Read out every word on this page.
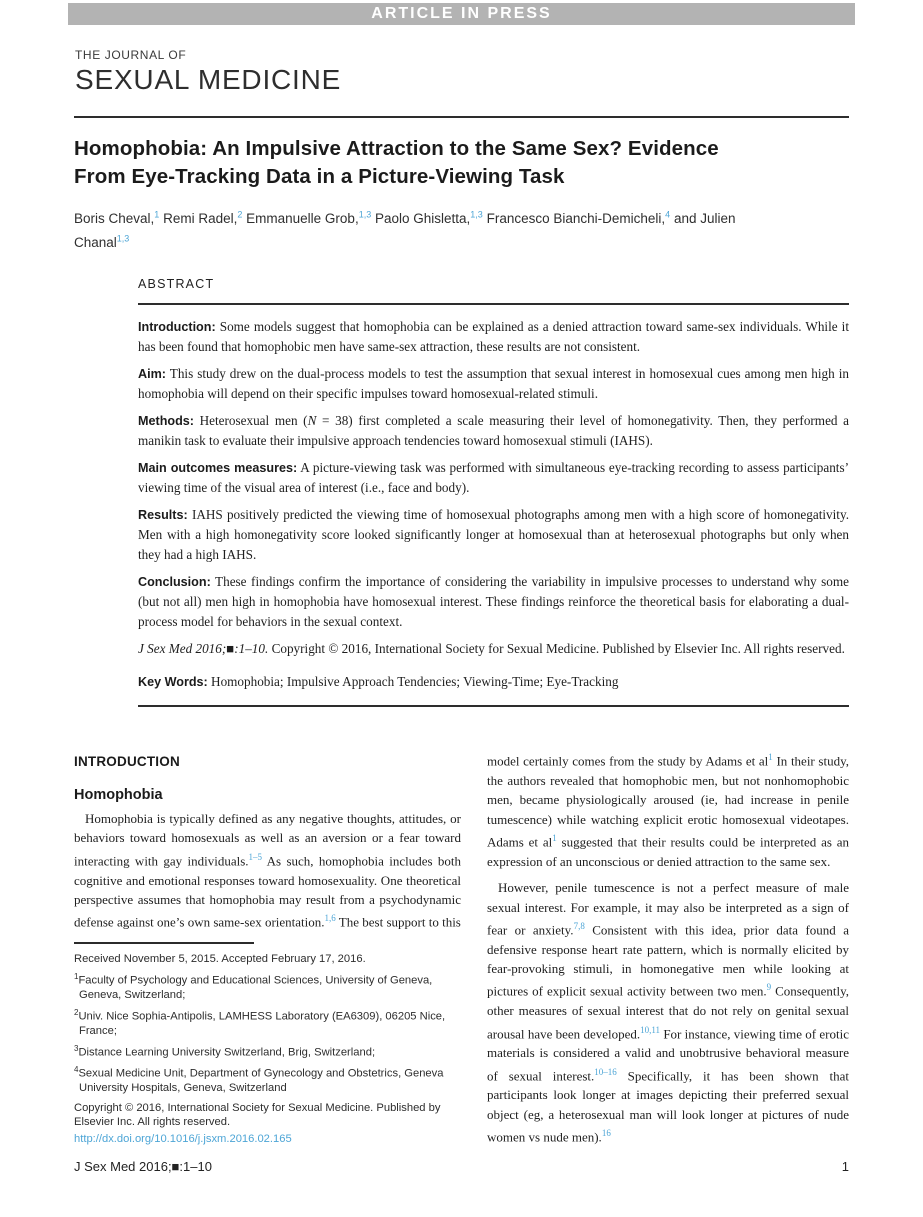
ARTICLE IN PRESS
THE JOURNAL OF
SEXUAL MEDICINE
Homophobia: An Impulsive Attraction to the Same Sex? Evidence From Eye-Tracking Data in a Picture-Viewing Task
Boris Cheval,$^1$ Remi Radel,$^2$ Emmanuelle Grob,$^{1,3}$ Paolo Ghisletta,$^{1,3}$ Francesco Bianchi-Demicheli,$^4$ and Julien Chanal$^{1,3}$
ABSTRACT

Introduction: Some models suggest that homophobia can be explained as a denied attraction toward same-sex individuals. While it has been found that homophobic men have same-sex attraction, these results are not consistent.

Aim: This study drew on the dual-process models to test the assumption that sexual interest in homosexual cues among men high in homophobia will depend on their specific impulses toward homosexual-related stimuli.

Methods: Heterosexual men (N = 38) first completed a scale measuring their level of homonegativity. Then, they performed a manikin task to evaluate their impulsive approach tendencies toward homosexual stimuli (IAHS).

Main outcomes measures: A picture-viewing task was performed with simultaneous eye-tracking recording to assess participants’ viewing time of the visual area of interest (i.e., face and body).

Results: IAHS positively predicted the viewing time of homosexual photographs among men with a high score of homonegativity. Men with a high homonegativity score looked significantly longer at homosexual than at heterosexual photographs but only when they had a high IAHS.

Conclusion: These findings confirm the importance of considering the variability in impulsive processes to understand why some (but not all) men high in homophobia have homosexual interest. These findings reinforce the theoretical basis for elaborating a dual-process model for behaviors in the sexual context.

J Sex Med 2016;■:1–10. Copyright © 2016, International Society for Sexual Medicine. Published by Elsevier Inc. All rights reserved.

Key Words: Homophobia; Impulsive Approach Tendencies; Viewing-Time; Eye-Tracking

INTRODUCTION
Homophobia

Homophobia is typically defined as any negative thoughts, attitudes, or behaviors toward homosexuals as well as an aversion or a fear toward interacting with gay individuals.$^{1-5}$ As such, homophobia includes both cognitive and emotional responses toward homosexuality. One theoretical perspective assumes that homophobia may result from a psychodynamic defense against one’s own same-sex orientation.$^{1,6}$ The best support to this

Received November 5, 2015. Accepted February 17, 2016.

$^1$Faculty of Psychology and Educational Sciences, University of Geneva, Geneva, Switzerland;

$^2$Univ. Nice Sophia-Antipolis, LAMHESS Laboratory (EA6309), 06205 Nice, France;

$^3$Distance Learning University Switzerland, Brig, Switzerland;

$^4$Sexual Medicine Unit, Department of Gynecology and Obstetrics, Geneva University Hospitals, Geneva, Switzerland

Copyright © 2016, International Society for Sexual Medicine. Published by Elsevier Inc. All rights reserved.

http://dx.doi.org/10.1016/j.jsxm.2016.02.165

model certainly comes from the study by Adams et al$^1$ In their study, the authors revealed that homophobic men, but not nonhomophobic men, became physiologically aroused (ie, had increase in penile tumescence) while watching explicit erotic homosexual videotapes. Adams et al$^1$ suggested that their results could be interpreted as an expression of an unconscious or denied attraction to the same sex.

However, penile tumescence is not a perfect measure of male sexual interest. For example, it may also be interpreted as a sign of fear or anxiety.$^{7,8}$ Consistent with this idea, prior data found a defensive response heart rate pattern, which is normally elicited by fear-provoking stimuli, in homonegative men while looking at pictures of explicit sexual activity between two men.$^9$ Consequently, other measures of sexual interest that do not rely on genital sexual arousal have been developed.$^{10,11}$ For instance, viewing time of erotic materials is considered a valid and unobtrusive behavioral measure of sexual interest.$^{10-16}$ Specifically, it has been shown that participants look longer at images depicting their preferred sexual object (eg, a heterosexual man will look longer at pictures of nude women vs nude men).$^{16}$

J Sex Med 2016;■:1–10	1
